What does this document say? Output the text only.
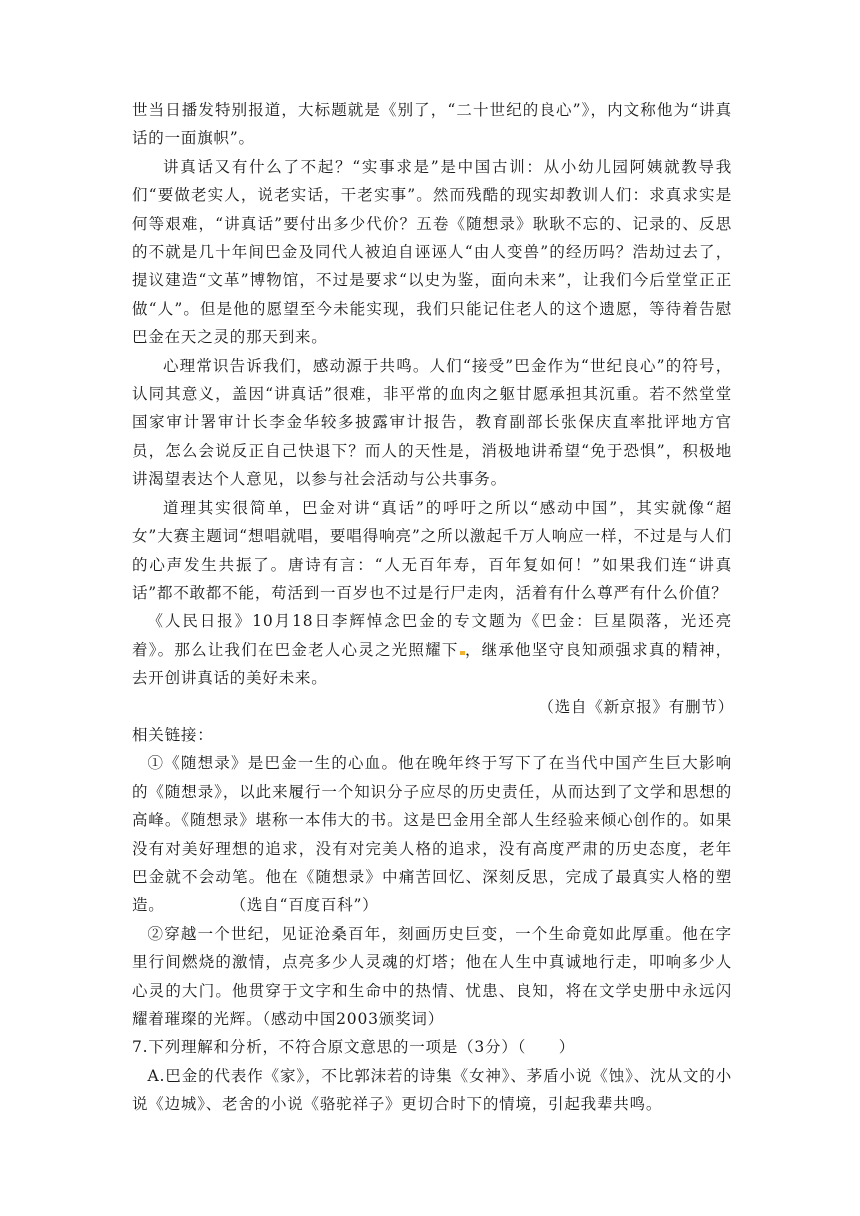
世当日播发特别报道，大标题就是《别了，“二十世纪的良心”》，内文称他为“讲真话的一面旗帜”。

讲真话又有什么了不起？“实事求是”是中国古训：从小幼儿园阿姨就教导我们“要做老实人，说老实话，干老实事”。然而残酷的现实却教训人们：求真求实是何等艰难，“讲真话”要付出多少代价？五卷《随想录》耿耿不忘的、记录的、反思的不就是几十年间巴金及同代人被迫自诬诬人“由人变兽”的经历吗？浩劫过去了，提议建造“文革”博物馆，不过是要求“以史为鉴，面向未来”，让我们今后堂堂正正做“人”。但是他的愿望至今未能实现，我们只能记住老人的这个遗愿，等待着告慰巴金在天之灵的那天到来。

心理常识告诉我们，感动源于共鸣。人们“接受”巴金作为“世纪良心”的符号，认同其意义，盖因“讲真话”很难，非平常的血肉之躯甘愿承担其沉重。若不然堂堂国家审计署审计长李金华较多披露审计报告，教育副部长张保庆直率批评地方官员，怎么会说反正自己快退下？而人的天性是，消极地讲希望“免于恐惧”，积极地讲渴望表达个人意见，以参与社会活动与公共事务。

道理其实很简单，巴金对讲“真话”的呼吁之所以“感动中国”，其实就像“超女”大赛主题词“想唱就唱，要唱得响亮”之所以激起千万人响应一样，不过是与人们的心声发生共振了。唐诗有言：“人无百年寿，百年复如何！”如果我们连“讲真话”都不敢都不能，苟活到一百岁也不过是行尸走肉，活着有什么尊严有什么价值？

《人民日报》10月18日李辉悼念巴金的专文题为《巴金：巨星陨落，光还亮着》。那么让我们在巴金老人心灵之光照耀下 ，继承他坚守良知顽强求真的精神，去开创讲真话的美好未来。

（选自《新京报》有删节）

相关链接：

①《随想录》是巴金一生的心血。他在晚年终于写下了在当代中国产生巨大影响的《随想录》，以此来履行一个知识分子应尽的历史责任，从而达到了文学和思想的高峰。《随想录》堪称一本伟大的书。这是巴金用全部人生经验来倾心创作的。如果没有对美好理想的追求，没有对完美人格的追求，没有高度严肃的历史态度，老年巴金就不会动笔。他在《随想录》中痛苦回忆、深刻反思，完成了最真实人格的塑造。　　　　　	（选自“百度百科”）

②穿越一个世纪，见证沧桑百年，刻画历史巨变，一个生命竟如此厚重。他在字里行间燃烧的激情，点亮多少人灵魂的灯塔；他在人生中真诚地行走，叩响多少人心灵的大门。他贯穿于文字和生命中的热情、忧患、良知，将在文学史册中永远闪耀着璀璨的光辉。（感动中国2003颁奖词）

7.下列理解和分析，不符合原文意思的一项是（3分）（　　）

A.巴金的代表作《家》，不比郭沫若的诗集《女神》、茅盾小说《蚀》、沈从文的小说《边城》、老舍的小说《骆驼祥子》更切合时下的情境，引起我辈共鸣。
